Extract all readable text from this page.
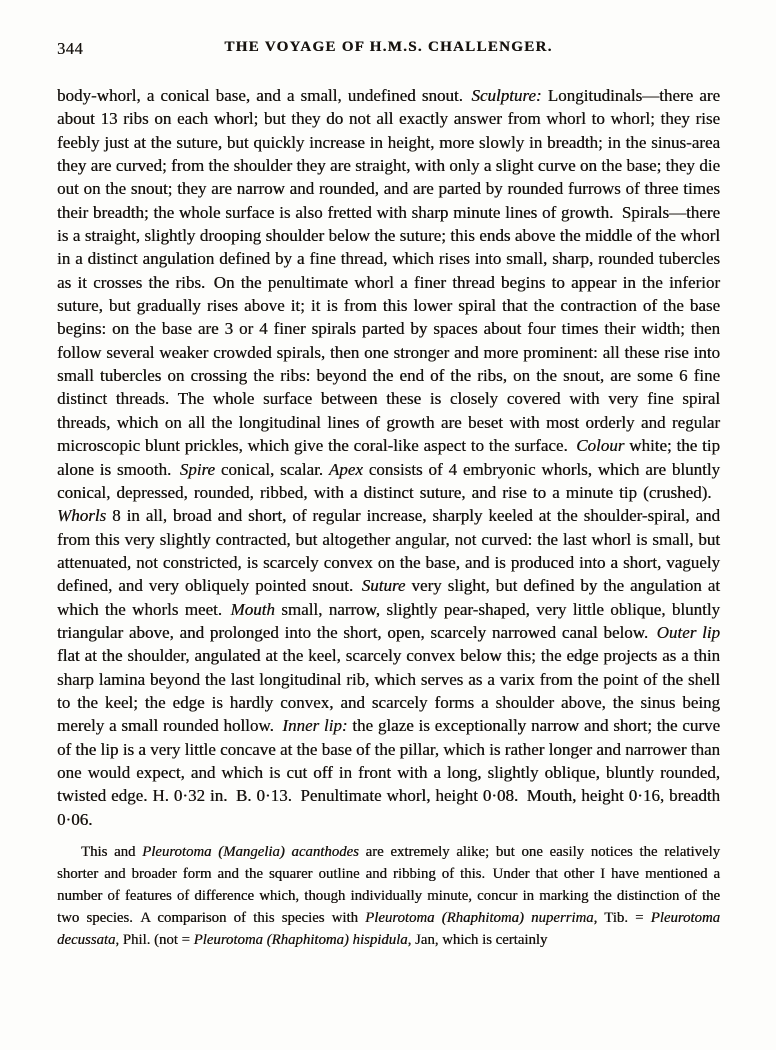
344	THE VOYAGE OF H.M.S. CHALLENGER.

body-whorl, a conical base, and a small, undefined snout. Sculpture: Longitudinals—there are about 13 ribs on each whorl; but they do not all exactly answer from whorl to whorl; they rise feebly just at the suture, but quickly increase in height, more slowly in breadth; in the sinus-area they are curved; from the shoulder they are straight, with only a slight curve on the base; they die out on the snout; they are narrow and rounded, and are parted by rounded furrows of three times their breadth; the whole surface is also fretted with sharp minute lines of growth. Spirals—there is a straight, slightly drooping shoulder below the suture; this ends above the middle of the whorl in a distinct angulation defined by a fine thread, which rises into small, sharp, rounded tubercles as it crosses the ribs. On the penultimate whorl a finer thread begins to appear in the inferior suture, but gradually rises above it; it is from this lower spiral that the contraction of the base begins: on the base are 3 or 4 finer spirals parted by spaces about four times their width; then follow several weaker crowded spirals, then one stronger and more prominent: all these rise into small tubercles on crossing the ribs: beyond the end of the ribs, on the snout, are some 6 fine distinct threads. The whole surface between these is closely covered with very fine spiral threads, which on all the longitudinal lines of growth are beset with most orderly and regular microscopic blunt prickles, which give the coral-like aspect to the surface. Colour white; the tip alone is smooth. Spire conical, scalar. Apex consists of 4 embryonic whorls, which are bluntly conical, depressed, rounded, ribbed, with a distinct suture, and rise to a minute tip (crushed). Whorls 8 in all, broad and short, of regular increase, sharply keeled at the shoulder-spiral, and from this very slightly contracted, but altogether angular, not curved: the last whorl is small, but attenuated, not constricted, is scarcely convex on the base, and is produced into a short, vaguely defined, and very obliquely pointed snout. Suture very slight, but defined by the angulation at which the whorls meet. Mouth small, narrow, slightly pear-shaped, very little oblique, bluntly triangular above, and prolonged into the short, open, scarcely narrowed canal below. Outer lip flat at the shoulder, angulated at the keel, scarcely convex below this; the edge projects as a thin sharp lamina beyond the last longitudinal rib, which serves as a varix from the point of the shell to the keel; the edge is hardly convex, and scarcely forms a shoulder above, the sinus being merely a small rounded hollow. Inner lip: the glaze is exceptionally narrow and short; the curve of the lip is a very little concave at the base of the pillar, which is rather longer and narrower than one would expect, and which is cut off in front with a long, slightly oblique, bluntly rounded, twisted edge. H. 0·32 in. B. 0·13. Penultimate whorl, height 0·08. Mouth, height 0·16, breadth 0·06.

This and Pleurotoma (Mangelia) acanthodes are extremely alike; but one easily notices the relatively shorter and broader form and the squarer outline and ribbing of this. Under that other I have mentioned a number of features of difference which, though individually minute, concur in marking the distinction of the two species. A comparison of this species with Pleurotoma (Rhaphitoma) nuperrima, Tib. = Pleurotoma decussata, Phil. (not = Pleurotoma (Rhaphitoma) hispidula, Jan, which is certainly
